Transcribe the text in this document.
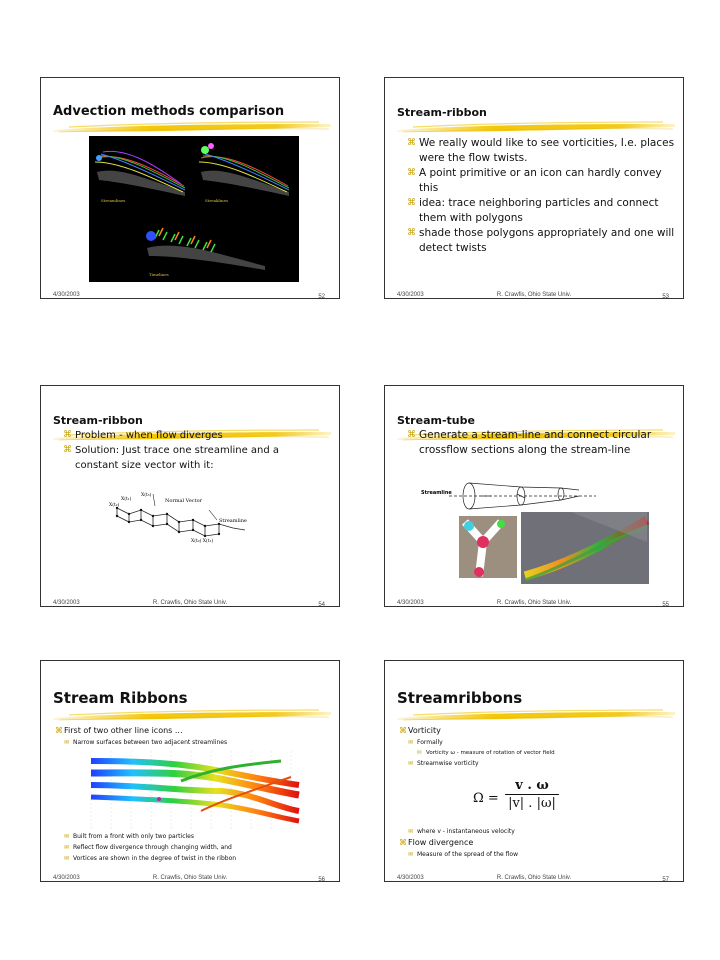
Advection methods comparison
Streamlines	Streaklines
Timelines
4/30/2003	52
Stream-ribbon
⌘ We really would like to see vorticities, I.e. places were the flow twists.
⌘ A point primitive or an icon can hardly convey this
⌘ idea: trace neighboring particles and connect them with polygons
⌘ shade those polygons appropriately and one will detect twists
4/30/2003	R. Crawfis, Ohio State Univ.	53
Stream-ribbon
⌘ Problem - when flow diverges
⌘ Solution: Just trace one streamline and a constant size vector with it:
X(t₁)
X(t₂)
X(t₃)
Normal Vector
Streamline
X(t₀) X(t₁)
4/30/2003	R. Crawfis, Ohio State Univ.	54
Stream-tube
⌘ Generate a stream-line and connect circular crossflow sections along the stream-line
Streamline
4/30/2003	R. Crawfis, Ohio State Univ.	55
Stream Ribbons
⌘ First of two other line icons ...
✉ Narrow surfaces between two adjacent streamlines
✉ Built from a front with only two particles
✉ Reflect flow divergence through changing width, and
✉ Vortices are shown in the degree of twist in the ribbon
4/30/2003	R. Crawfis, Ohio State Univ.	56
Streamribbons
⌘ Vorticity
✉ Formally
✉ Vorticity ω - measure of rotation of vector field
✉ Streamwise vorticity
$\Omega = \frac{v . \omega}{|v| . |\omega|}$
✉ where v - instantaneous velocity
⌘ Flow divergence
✉ Measure of the spread of the flow
4/30/2003	R. Crawfis, Ohio State Univ.	57
